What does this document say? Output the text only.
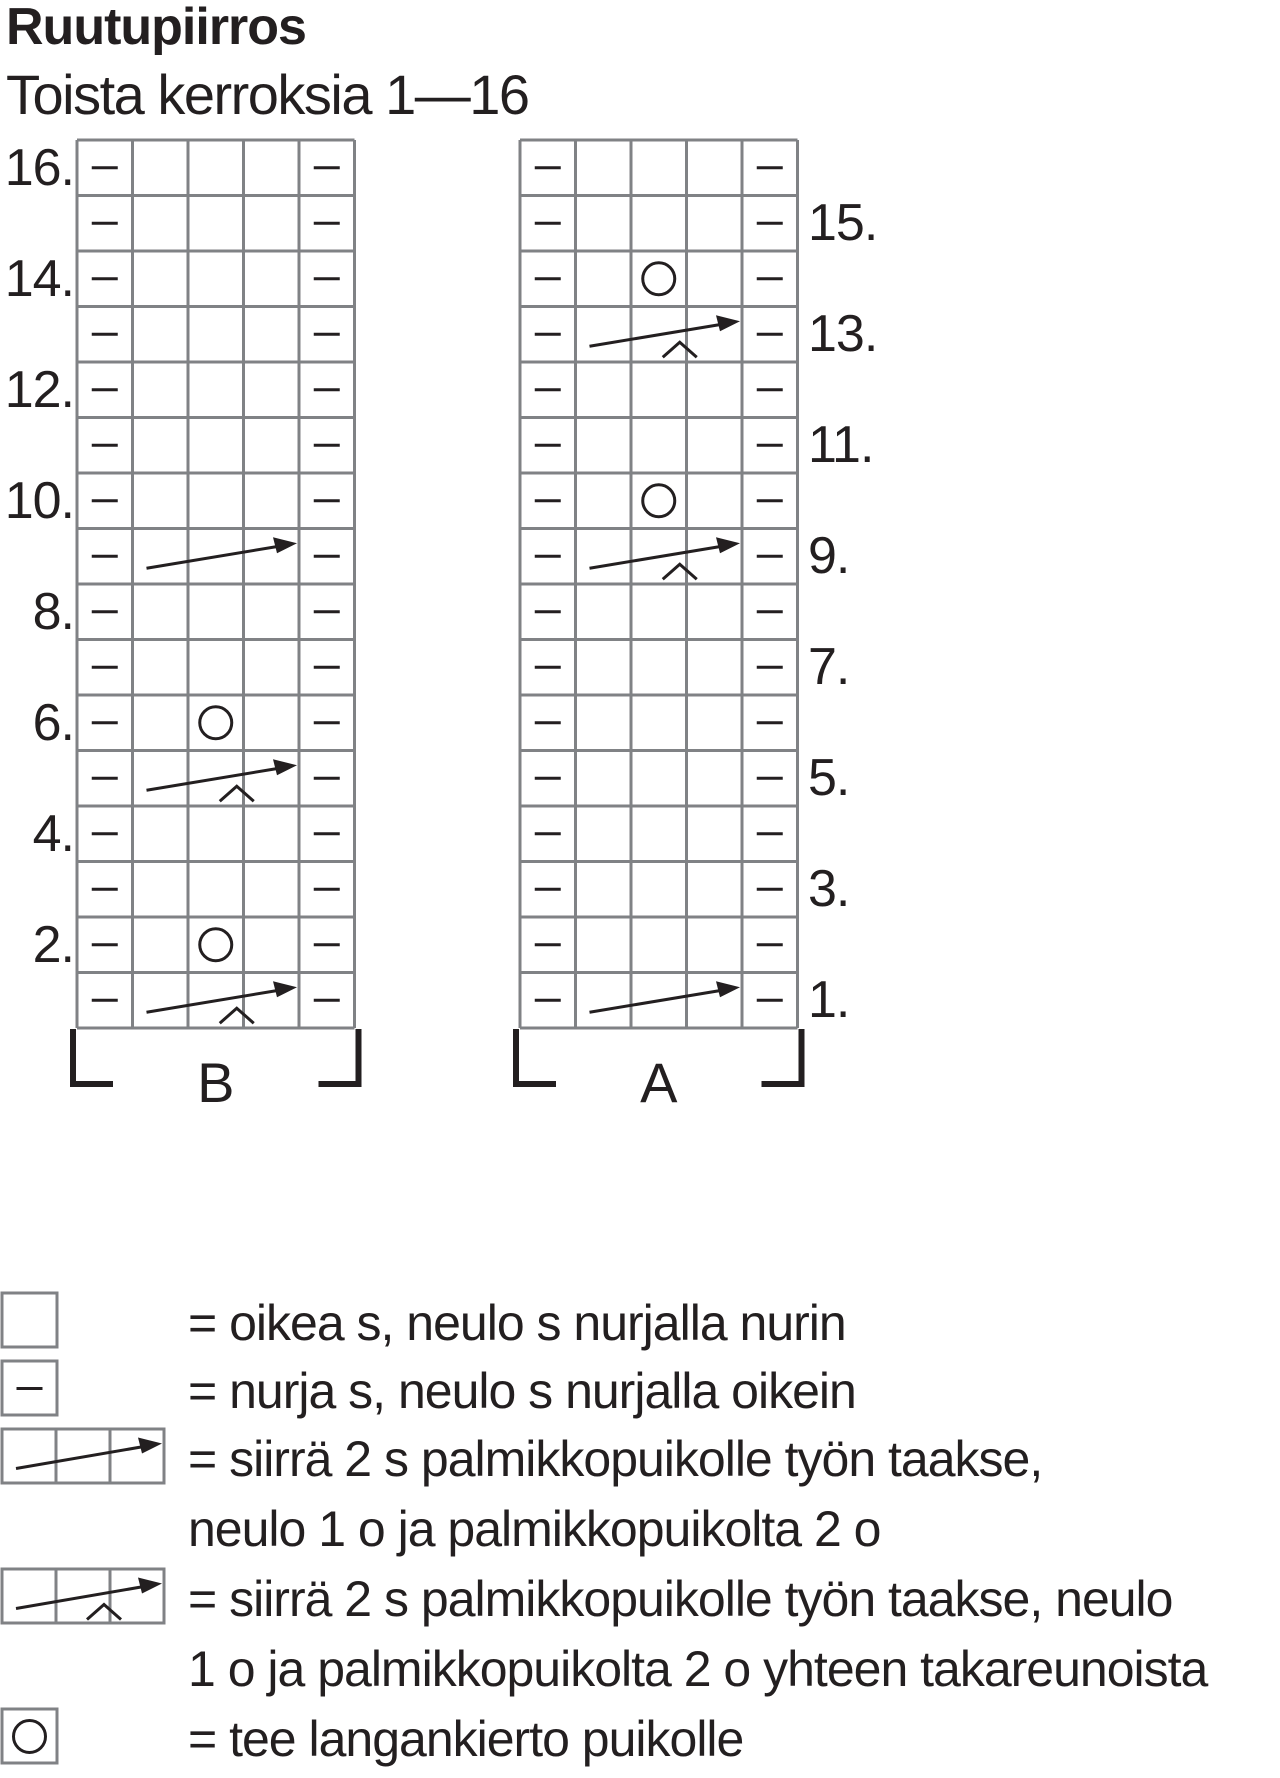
Ruutupiirros
Toista kerroksia 1—16
B
16.
14.
12.
10.
8.
6.
4.
2.
A
15.
13.
11.
9.
7.
5.
3.
1.
= oikea s, neulo s nurjalla nurin
= nurja s, neulo s nurjalla oikein
= siirrä 2 s palmikkopuikolle työn taakse,
neulo 1 o ja palmikkopuikolta 2 o
= siirrä 2 s palmikkopuikolle työn taakse, neulo
1 o ja palmikkopuikolta 2 o yhteen takareunoista
= tee langankierto puikolle
